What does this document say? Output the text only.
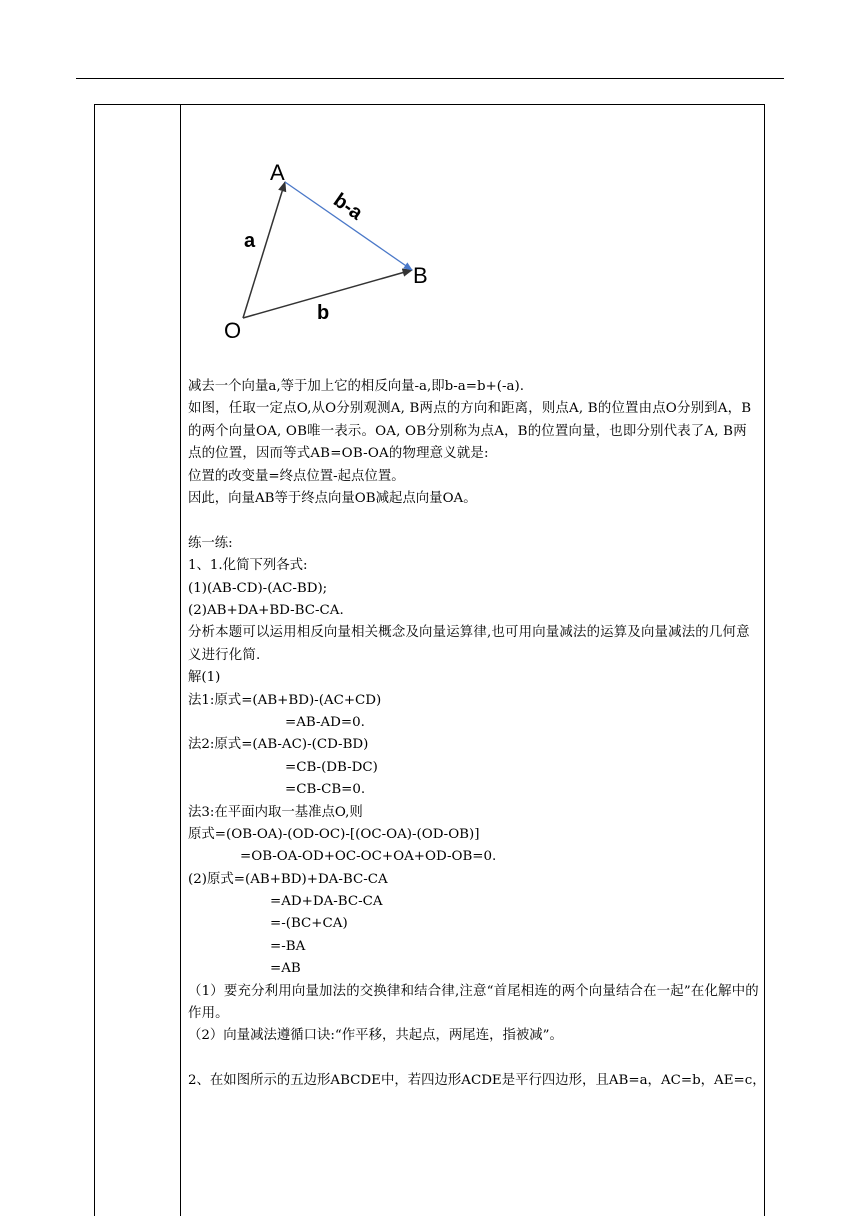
A
B
O
a
b
b-a
减去一个向量a,等于加上它的相反向量-a,即b-a=b+(-a).
如图，任取一定点O,从O分别观测A, B两点的方向和距离，则点A, B的位置由点O分别到A，B的两个向量OA, OB唯一表示。OA, OB分别称为点A，B的位置向量，也即分别代表了A, B两点的位置，因而等式AB=OB-OA的物理意义就是:
位置的改变量=终点位置-起点位置。
因此，向量AB等于终点向量OB减起点向量OA。
练一练:
1、1.化简下列各式:
(1)(AB-CD)-(AC-BD);
(2)AB+DA+BD-BC-CA.
分析本题可以运用相反向量相关概念及向量运算律,也可用向量减法的运算及向量减法的几何意义进行化简.
解(1)
法1:原式=(AB+BD)-(AC+CD)
=AB-AD=0.
法2:原式=(AB-AC)-(CD-BD)
=CB-(DB-DC)
=CB-CB=0.
法3:在平面内取一基准点O,则
原式=(OB-OA)-(OD-OC)-[(OC-OA)-(OD-OB)]
=OB-OA-OD+OC-OC+OA+OD-OB=0.
(2)原式=(AB+BD)+DA-BC-CA
=AD+DA-BC-CA
=-(BC+CA)
=-BA
=AB
（1）要充分利用向量加法的交换律和结合律,注意“首尾相连的两个向量结合在一起”在化解中的作用。
（2）向量减法遵循口诀:“作平移，共起点，两尾连，指被减”。
2、在如图所示的五边形ABCDE中，若四边形ACDE是平行四边形，且AB=a，AC=b，AE=c，
